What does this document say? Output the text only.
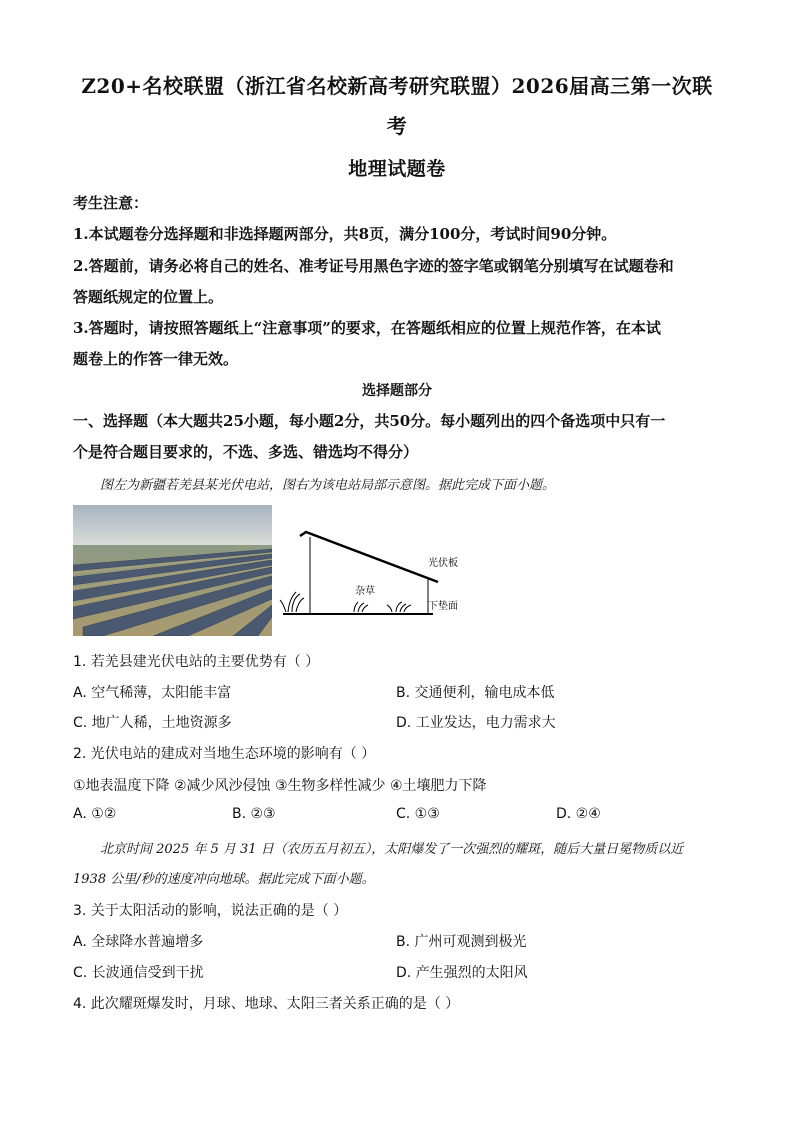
Z20+名校联盟（浙江省名校新高考研究联盟）2026届高三第一次联
考
地理试题卷
考生注意：
1.本试题卷分选择题和非选择题两部分，共8页，满分100分，考试时间90分钟。
2.答题前，请务必将自己的姓名、准考证号用黑色字迹的签字笔或钢笔分别填写在试题卷和
答题纸规定的位置上。
3.答题时，请按照答题纸上“注意事项”的要求，在答题纸相应的位置上规范作答，在本试
题卷上的作答一律无效。
选择题部分
一、选择题（本大题共25小题，每小题2分，共50分。每小题列出的四个备选项中只有一
个是符合题目要求的，不选、多选、错选均不得分）
图左为新疆若羌县某光伏电站，图右为该电站局部示意图。据此完成下面小题。
光伏板
杂草
下垫面
1. 若羌县建光伏电站的主要优势有（ ）
A. 空气稀薄，太阳能丰富	B. 交通便利，输电成本低
C. 地广人稀，土地资源多	D. 工业发达，电力需求大
2. 光伏电站的建成对当地生态环境的影响有（ ）
①地表温度下降 ②减少风沙侵蚀 ③生物多样性减少 ④土壤肥力下降
A. ①②	B. ②③	C. ①③	D. ②④
北京时间 2025 年 5 月 31 日（农历五月初五），太阳爆发了一次强烈的耀斑，随后大量日冕物质以近
1938 公里/秒的速度冲向地球。据此完成下面小题。
3. 关于太阳活动的影响，说法正确的是（ ）
A. 全球降水普遍增多	B. 广州可观测到极光
C. 长波通信受到干扰	D. 产生强烈的太阳风
4. 此次耀斑爆发时，月球、地球、太阳三者关系正确的是（ ）
